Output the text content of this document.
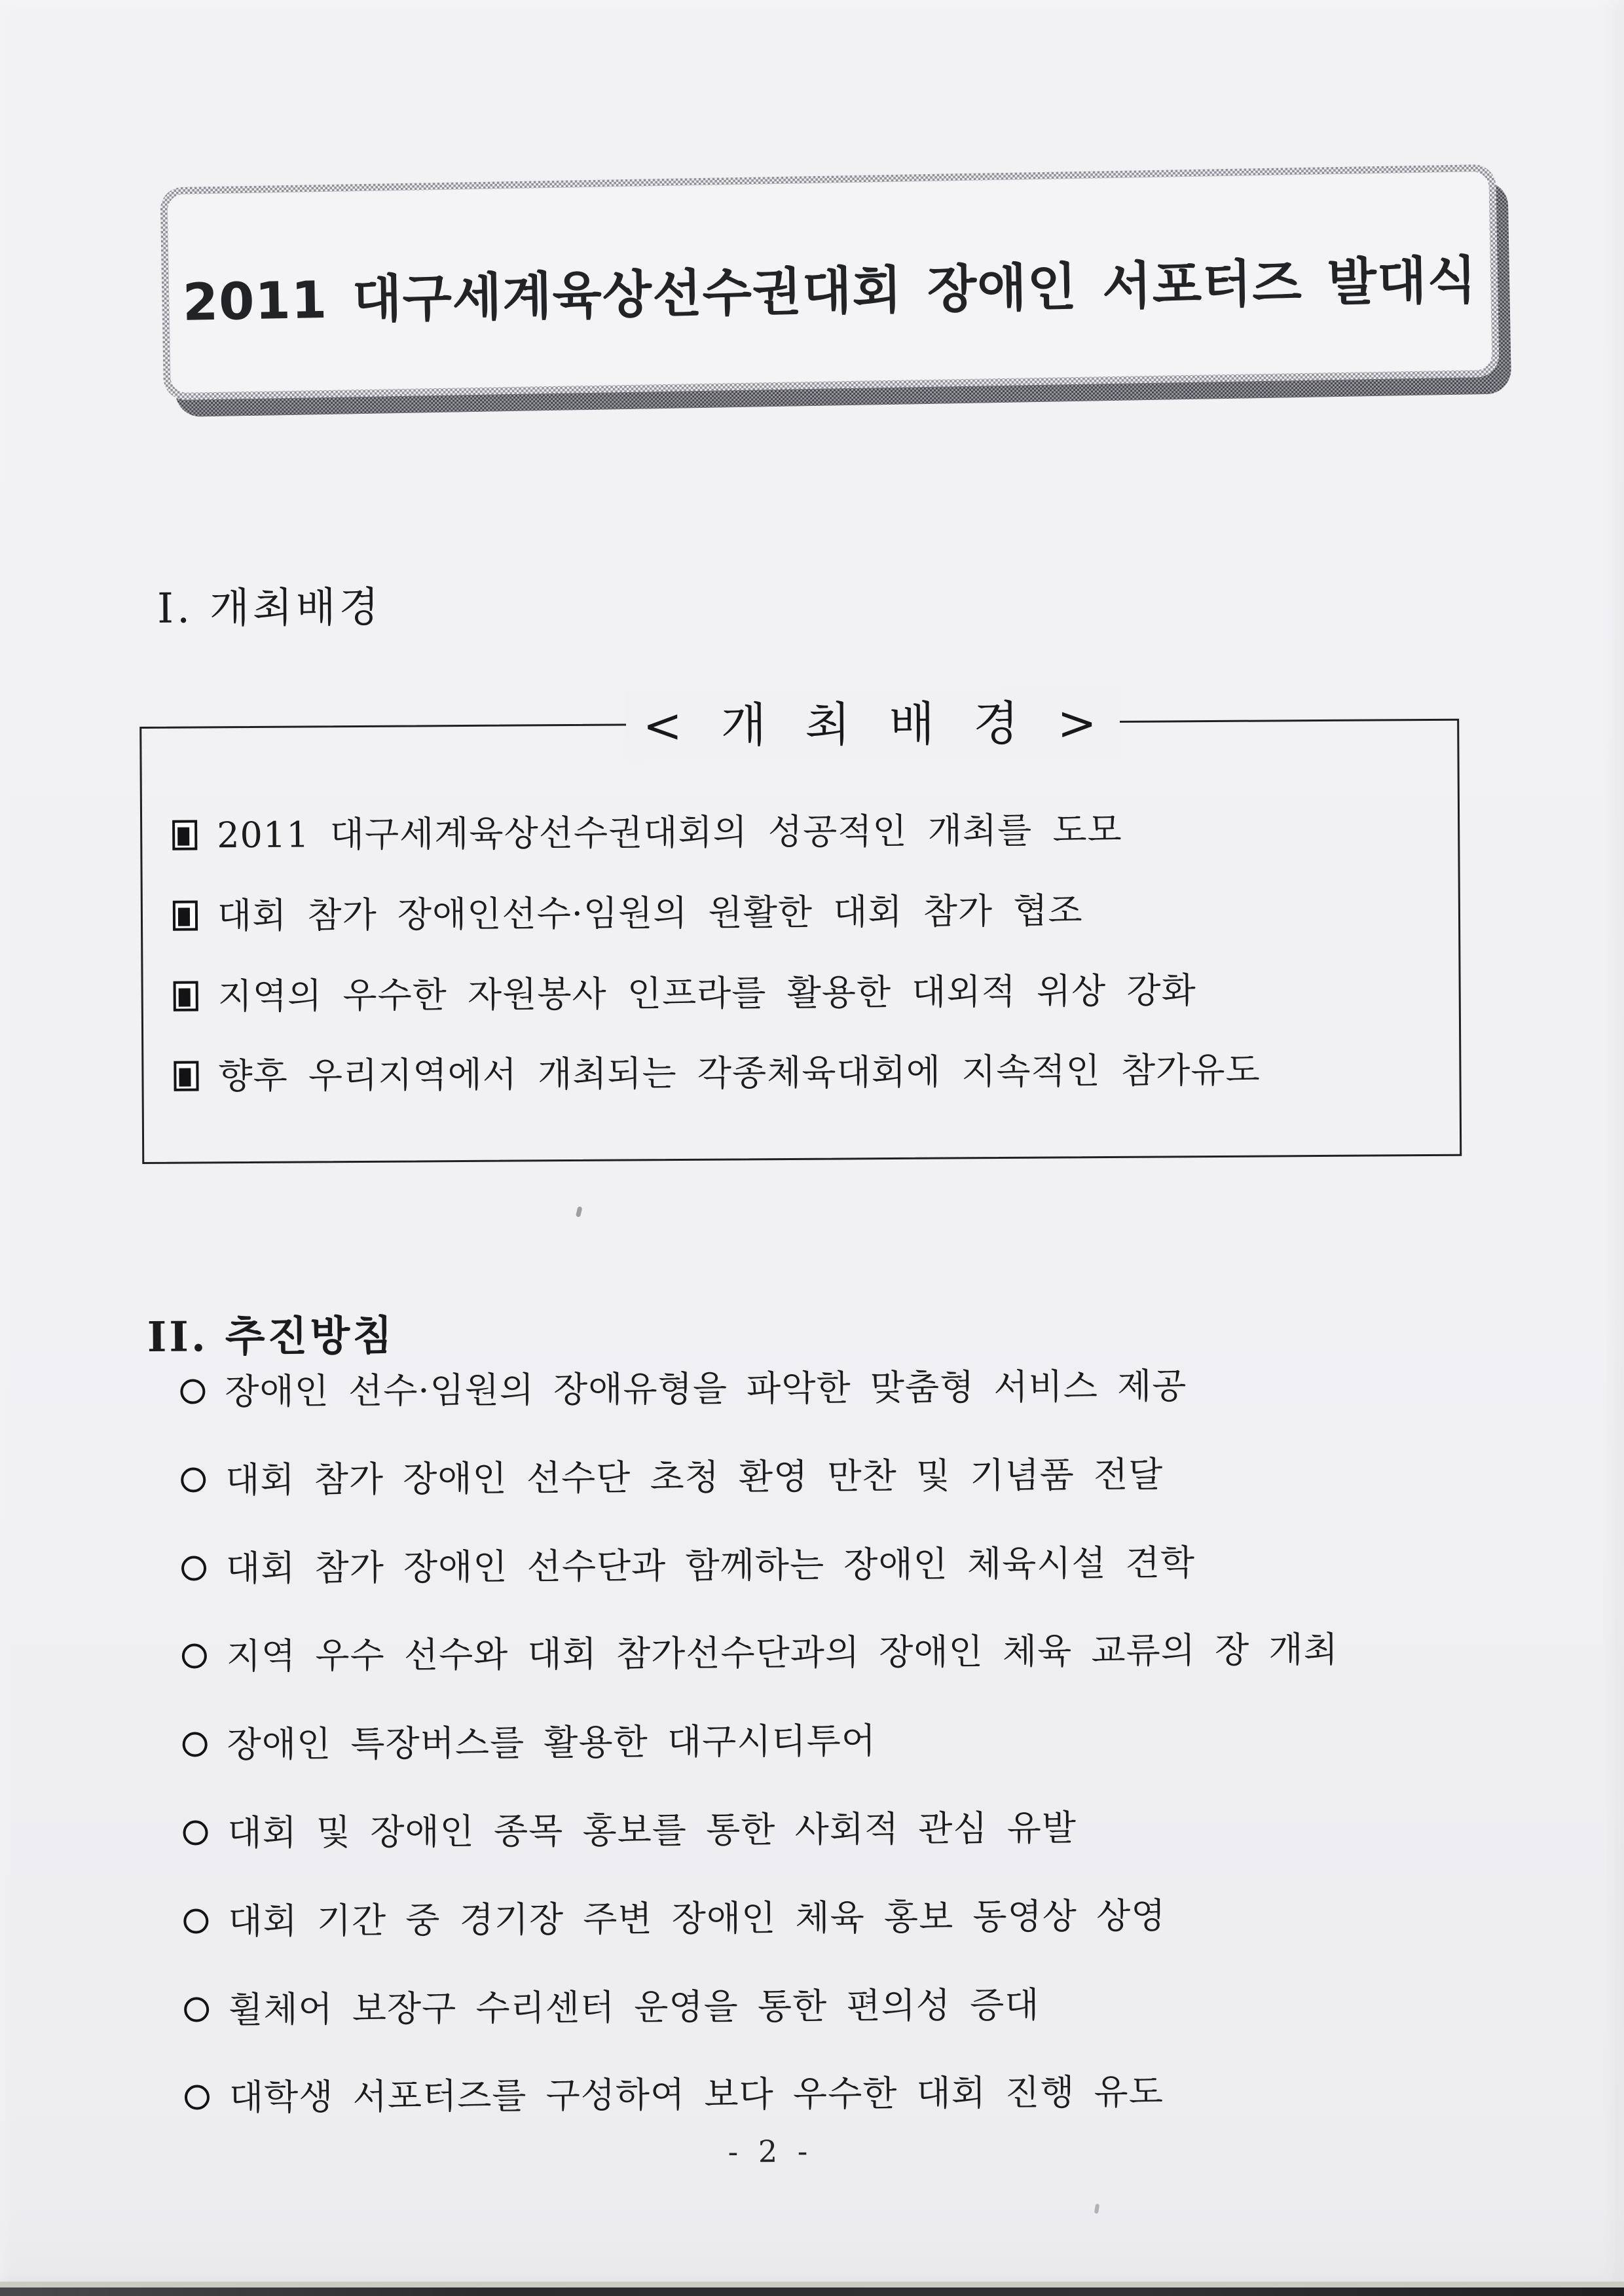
2011 대구세계육상선수권대회 장애인 서포터즈 발대식
I. 개최배경
< 개 최 배 경 >
2011 대구세계육상선수권대회의 성공적인 개최를 도모
대회 참가 장애인선수·임원의 원활한 대회 참가 협조
지역의 우수한 자원봉사 인프라를 활용한 대외적 위상 강화
향후 우리지역에서 개최되는 각종체육대회에 지속적인 참가유도
II. 추진방침
장애인 선수·임원의 장애유형을 파악한 맞춤형 서비스 제공
대회 참가 장애인 선수단 초청 환영 만찬 및 기념품 전달
대회 참가 장애인 선수단과 함께하는 장애인 체육시설 견학
지역 우수 선수와 대회 참가선수단과의 장애인 체육 교류의 장 개최
장애인 특장버스를 활용한 대구시티투어
대회 및 장애인 종목 홍보를 통한 사회적 관심 유발
대회 기간 중 경기장 주변 장애인 체육 홍보 동영상 상영
휠체어 보장구 수리센터 운영을 통한 편의성 증대
대학생 서포터즈를 구성하여 보다 우수한 대회 진행 유도
- 2 -
